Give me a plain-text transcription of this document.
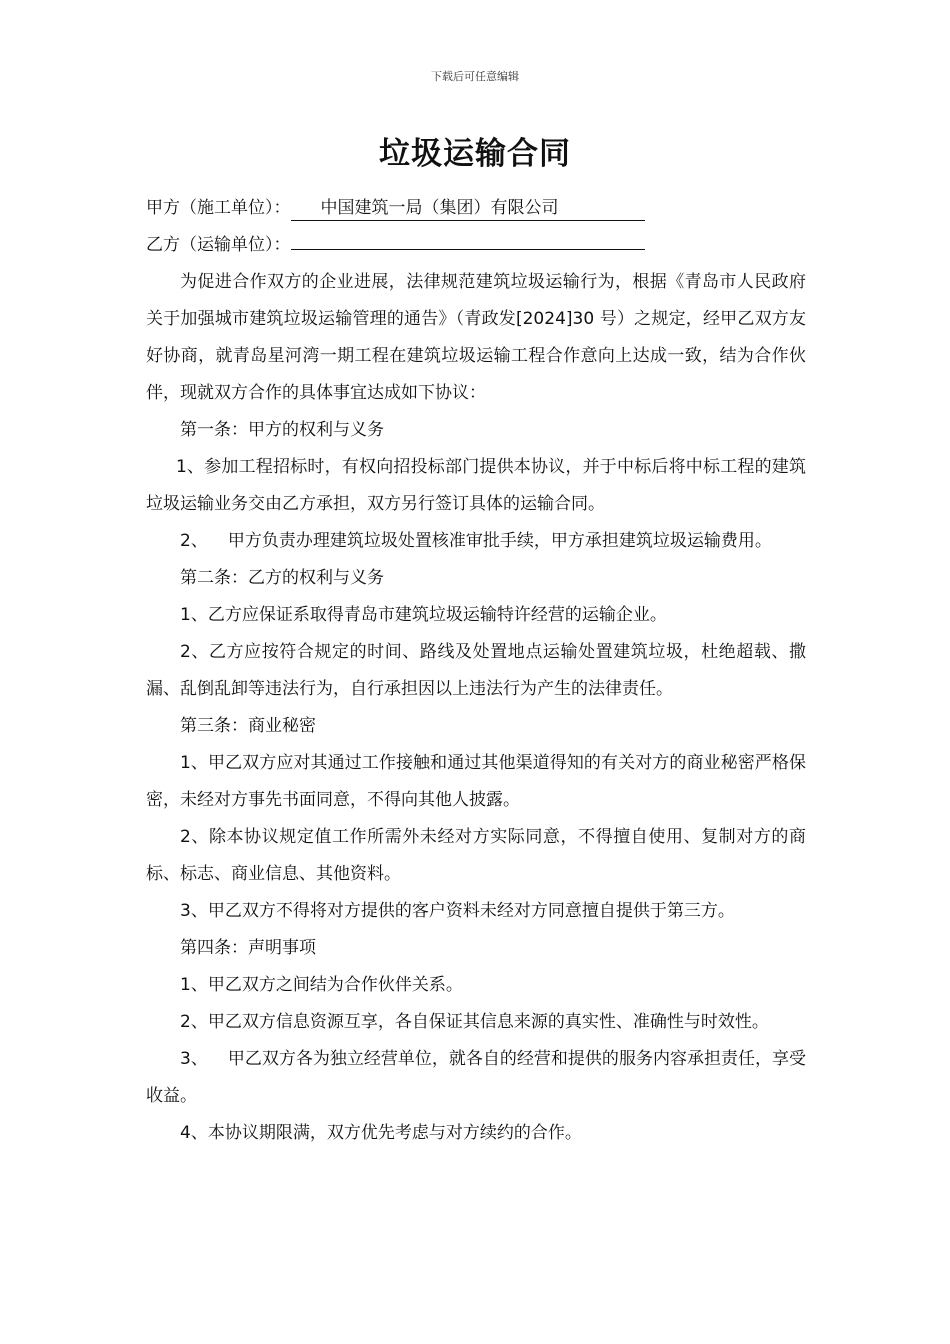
下载后可任意编辑
垃圾运输合同
甲方（施工单位）：	中国建筑一局（集团）有限公司
乙方（运输单位）：

为促进合作双方的企业进展，法律规范建筑垃圾运输行为，根据《青岛市人民政府关于加强城市建筑垃圾运输管理的通告》（青政发[2024]30 号）之规定，经甲乙双方友好协商，就青岛星河湾一期工程在建筑垃圾运输工程合作意向上达成一致，结为合作伙伴，现就双方合作的具体事宜达成如下协议：

第一条：甲方的权利与义务

1、参加工程招标时，有权向招投标部门提供本协议，并于中标后将中标工程的建筑垃圾运输业务交由乙方承担，双方另行签订具体的运输合同。

2、 甲方负责办理建筑垃圾处置核准审批手续，甲方承担建筑垃圾运输费用。

第二条：乙方的权利与义务

1、乙方应保证系取得青岛市建筑垃圾运输特许经营的运输企业。

2、乙方应按符合规定的时间、路线及处置地点运输处置建筑垃圾，杜绝超载、撒漏、乱倒乱卸等违法行为，自行承担因以上违法行为产生的法律责任。

第三条：商业秘密

1、甲乙双方应对其通过工作接触和通过其他渠道得知的有关对方的商业秘密严格保密，未经对方事先书面同意，不得向其他人披露。

2、除本协议规定值工作所需外未经对方实际同意，不得擅自使用、复制对方的商标、标志、商业信息、其他资料。

3、甲乙双方不得将对方提供的客户资料未经对方同意擅自提供于第三方。

第四条：声明事项

1、甲乙双方之间结为合作伙伴关系。

2、甲乙双方信息资源互享，各自保证其信息来源的真实性、准确性与时效性。

3、 甲乙双方各为独立经营单位，就各自的经营和提供的服务内容承担责任，享受收益。

4、本协议期限满，双方优先考虑与对方续约的合作。
